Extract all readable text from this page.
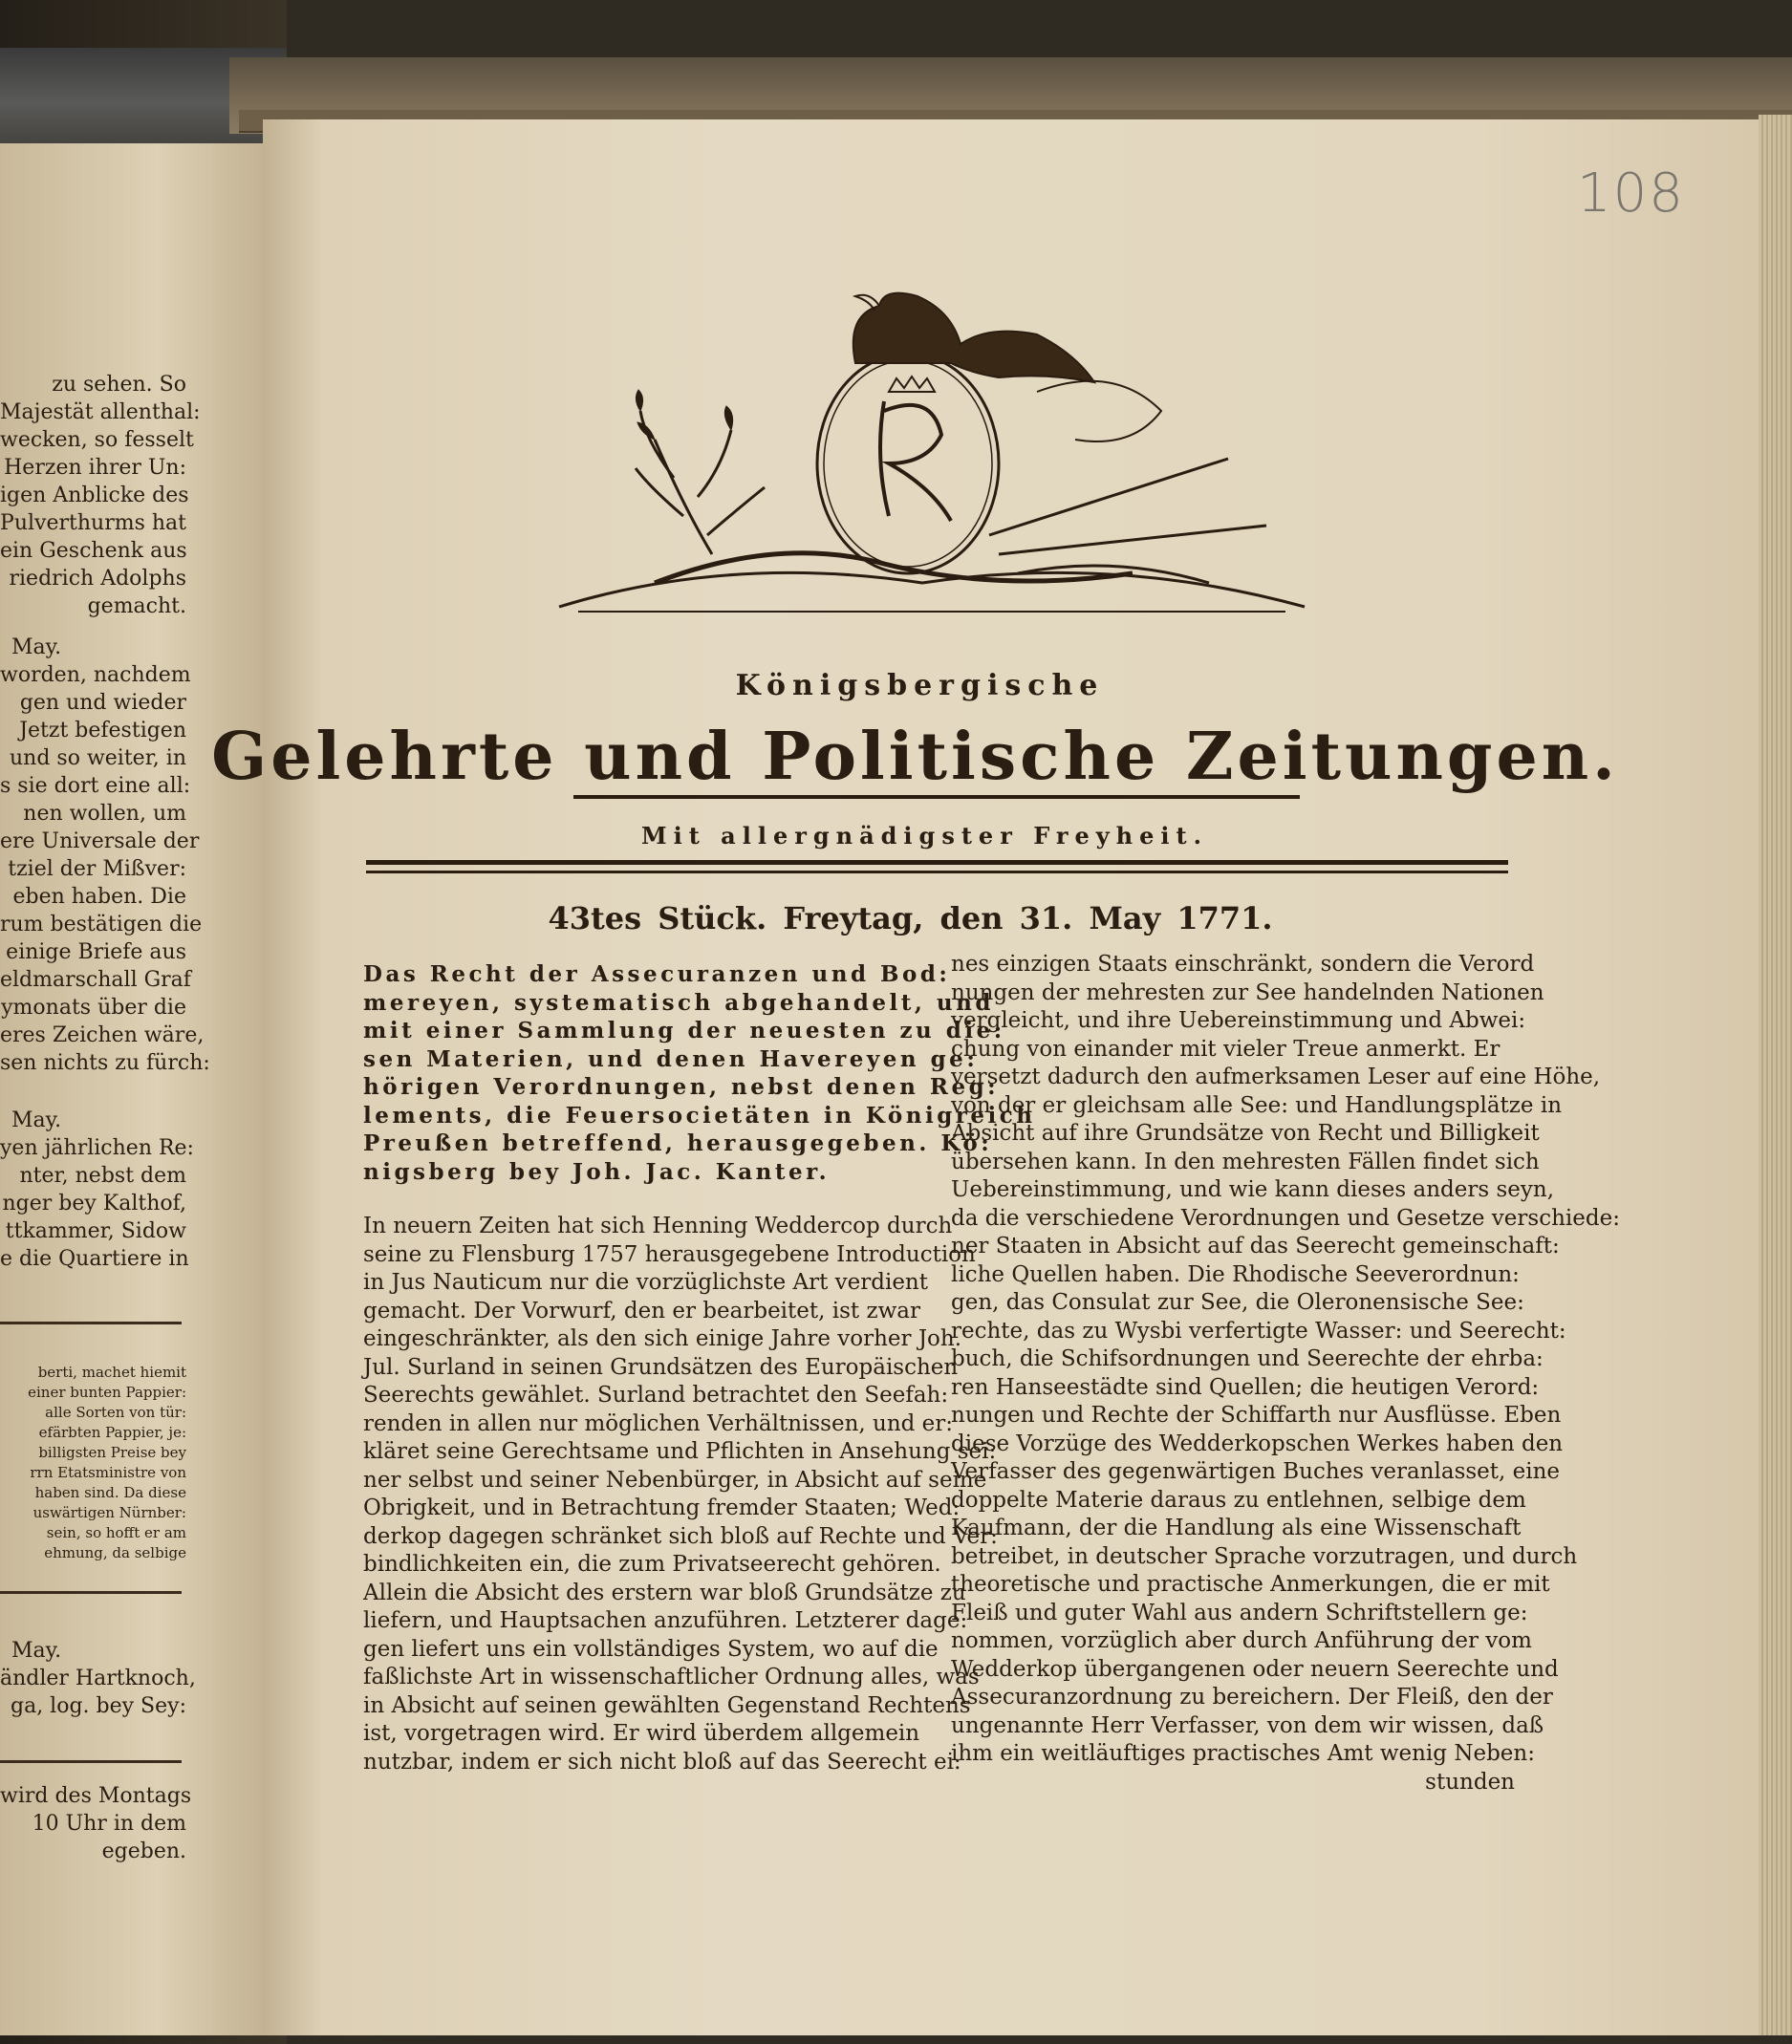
zu sehen. So
Majestät allenthal:
wecken, so fesselt
Herzen ihrer Un:
igen Anblicke des
Pulverthurms hat
ein Geschenk aus
riedrich Adolphs
gemacht.
May.
worden, nachdem
gen und wieder
Jetzt befestigen
und so weiter, in
s sie dort eine all:
nen wollen, um
ere Universale der
tziel der Mißver:
eben haben. Die
rum bestätigen die
einige Briefe aus
eldmarschall Graf
ymonats über die
eres Zeichen wäre,
sen nichts zu fürch:
May.
yen jährlichen Re:
nter, nebst dem
nger bey Kalthof,
ttkammer, Sidow
e die Quartiere in
berti, machet hiemit
einer bunten Pappier:
alle Sorten von tür:
efärbten Pappier, je:
billigsten Preise bey
rrn Etatsministre von
haben sind. Da diese
uswärtigen Nürnber:
sein, so hofft er am
ehmung, da selbige
May.
ändler Hartknoch,
ga, log. bey Sey:
wird des Montags
10 Uhr in dem
egeben.
108
Königsbergische
Gelehrte und Politische Zeitungen.
Mit allergnädigster Freyheit.
43tes Stück. Freytag, den 31. May 1771.

Das Recht der Assecuranzen und Bod:

mereyen, systematisch abgehandelt, und

mit einer Sammlung der neuesten zu die:

sen Materien, und denen Havereyen ge:

hörigen Verordnungen, nebst denen Reg:

lements, die Feuersocietäten in Königreich

Preußen betreffend, herausgegeben. Kö:

nigsberg bey Joh. Jac. Kanter.

In neuern Zeiten hat sich Henning Weddercop durch

seine zu Flensburg 1757 herausgegebene Introduction

in Jus Nauticum nur die vorzüglichste Art verdient

gemacht. Der Vorwurf, den er bearbeitet, ist zwar

eingeschränkter, als den sich einige Jahre vorher Joh.

Jul. Surland in seinen Grundsätzen des Europäischen

Seerechts gewählet. Surland betrachtet den Seefah:

renden in allen nur möglichen Verhältnissen, und er:

kläret seine Gerechtsame und Pflichten in Ansehung sei:

ner selbst und seiner Nebenbürger, in Absicht auf seine

Obrigkeit, und in Betrachtung fremder Staaten; Wed:

derkop dagegen schränket sich bloß auf Rechte und Ver:

bindlichkeiten ein, die zum Privatseerecht gehören.

Allein die Absicht des erstern war bloß Grundsätze zu

liefern, und Hauptsachen anzuführen. Letzterer dage:

gen liefert uns ein vollständiges System, wo auf die

faßlichste Art in wissenschaftlicher Ordnung alles, was

in Absicht auf seinen gewählten Gegenstand Rechtens

ist, vorgetragen wird. Er wird überdem allgemein

nutzbar, indem er sich nicht bloß auf das Seerecht ei:

nes einzigen Staats einschränkt, sondern die Verord

nungen der mehresten zur See handelnden Nationen

vergleicht, und ihre Uebereinstimmung und Abwei:

chung von einander mit vieler Treue anmerkt. Er

versetzt dadurch den aufmerksamen Leser auf eine Höhe,

von der er gleichsam alle See: und Handlungsplätze in

Absicht auf ihre Grundsätze von Recht und Billigkeit

übersehen kann. In den mehresten Fällen findet sich

Uebereinstimmung, und wie kann dieses anders seyn,

da die verschiedene Verordnungen und Gesetze verschiede:

ner Staaten in Absicht auf das Seerecht gemeinschaft:

liche Quellen haben. Die Rhodische Seeverordnun:

gen, das Consulat zur See, die Oleronensische See:

rechte, das zu Wysbi verfertigte Wasser: und Seerecht:

buch, die Schifsordnungen und Seerechte der ehrba:

ren Hanseestädte sind Quellen; die heutigen Verord:

nungen und Rechte der Schiffarth nur Ausflüsse. Eben

diese Vorzüge des Wedderkopschen Werkes haben den

Verfasser des gegenwärtigen Buches veranlasset, eine

doppelte Materie daraus zu entlehnen, selbige dem

Kaufmann, der die Handlung als eine Wissenschaft

betreibet, in deutscher Sprache vorzutragen, und durch

theoretische und practische Anmerkungen, die er mit

Fleiß und guter Wahl aus andern Schriftstellern ge:

nommen, vorzüglich aber durch Anführung der vom

Wedderkop übergangenen oder neuern Seerechte und

Assecuranzordnung zu bereichern. Der Fleiß, den der

ungenannte Herr Verfasser, von dem wir wissen, daß

ihm ein weitläuftiges practisches Amt wenig Neben:

stunden
